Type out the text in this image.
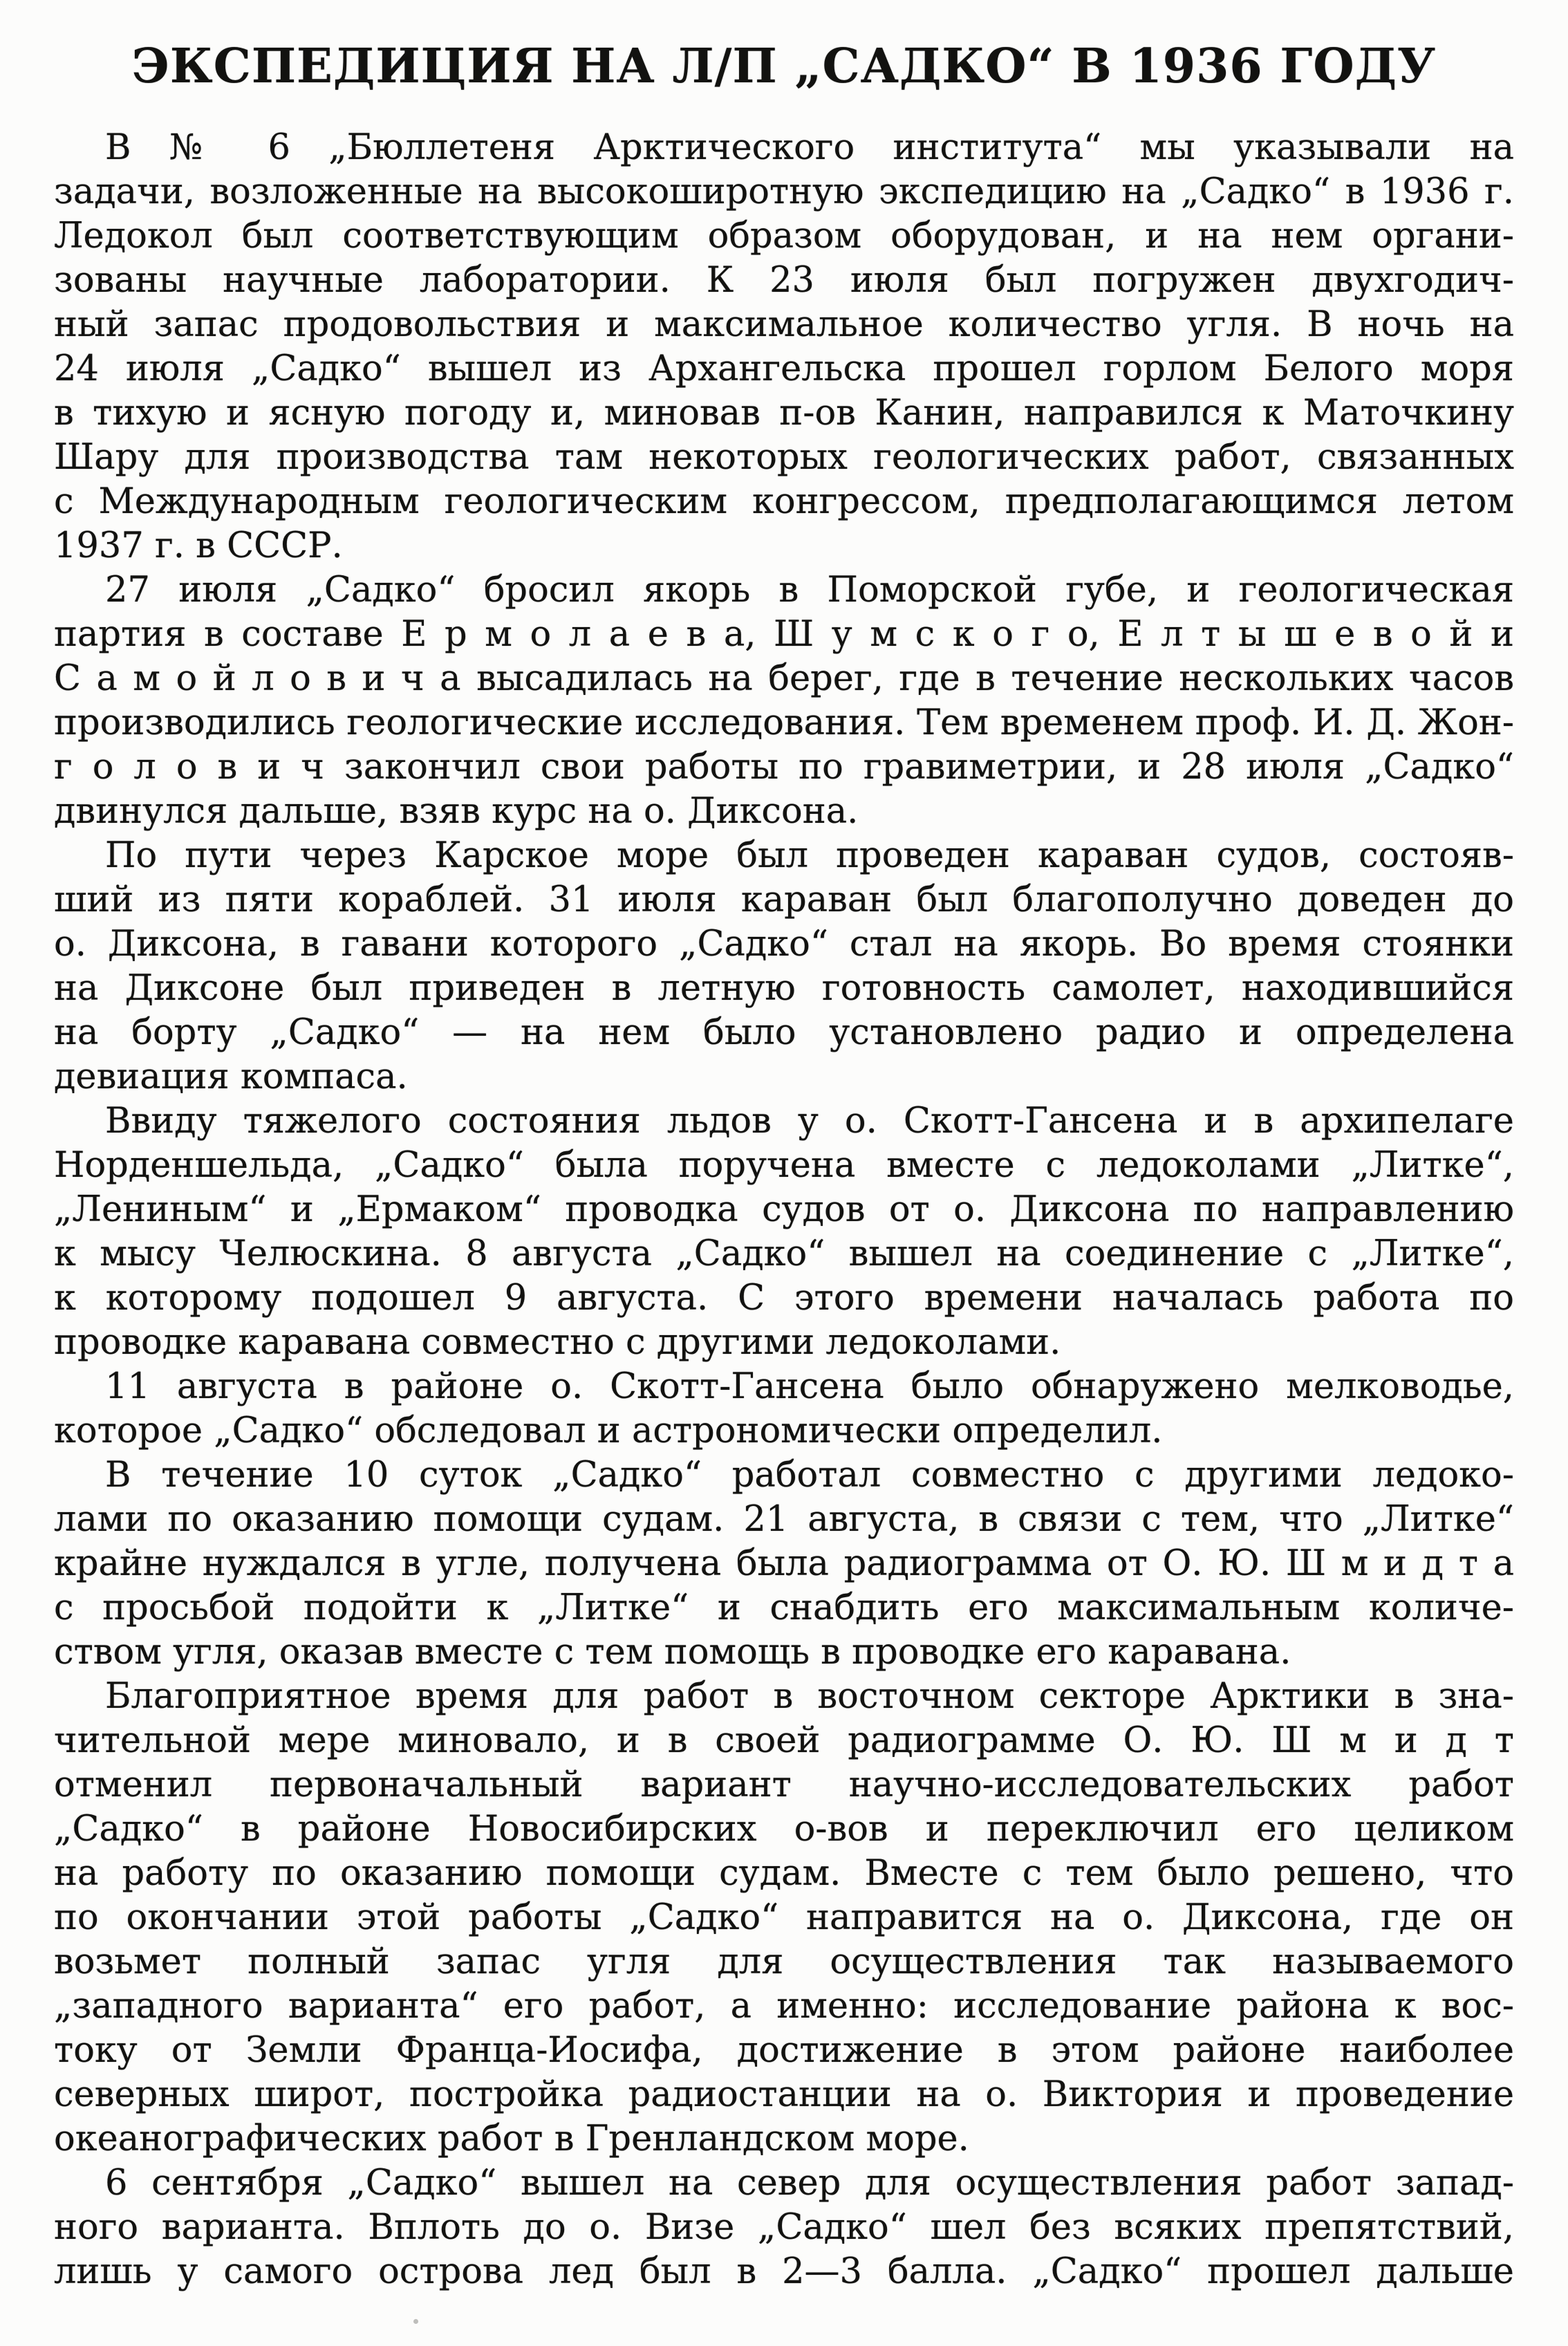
ЭКСПЕДИЦИЯ НА Л/П „САДКО“ В 1936 ГОДУ
В № 6 „Бюллетеня Арктического института“ мы указывали на
задачи, возложенные на высокоширотную экспедицию на „Садко“ в 1936 г.
Ледокол был соответствующим образом оборудован, и на нем органи-
зованы научные лаборатории. К 23 июля был погружен двухгодич-
ный запас продовольствия и максимальное количество угля. В ночь на
24 июля „Садко“ вышел из Архангельска прошел горлом Белого моря
в тихую и ясную погоду и, миновав п-ов Канин, направился к Маточкину
Шару для производства там некоторых геологических работ, связанных
с Международным геологическим конгрессом, предполагающимся летом
1937 г. в СССР.
27 июля „Садко“ бросил якорь в Поморской губе, и геологическая
партия в составе Е р м о л а е в а, Ш у м с к о г о, Е л т ы ш е в о й и
С а м о й л о в и ч а высадилась на берег, где в течение нескольких часов
производились геологические исследования. Тем временем проф. И. Д. Жон-
г о л о в и ч закончил свои работы по гравиметрии, и 28 июля „Садко“
двинулся дальше, взяв курс на о. Диксона.
По пути через Карское море был проведен караван судов, состояв-
ший из пяти кораблей. 31 июля караван был благополучно доведен до
о. Диксона, в гавани которого „Садко“ стал на якорь. Во время стоянки
на Диксоне был приведен в летную готовность самолет, находившийся
на борту „Садко“ — на нем было установлено радио и определена
девиация компаса.
Ввиду тяжелого состояния льдов у о. Скотт-Гансена и в архипелаге
Норденшельда, „Садко“ была поручена вместе с ледоколами „Литке“,
„Лениным“ и „Ермаком“ проводка судов от о. Диксона по направлению
к мысу Челюскина. 8 августа „Садко“ вышел на соединение с „Литке“,
к которому подошел 9 августа. С этого времени началась работа по
проводке каравана совместно с другими ледоколами.
11 августа в районе о. Скотт-Гансена было обнаружено мелководье,
которое „Садко“ обследовал и астрономически определил.
В течение 10 суток „Садко“ работал совместно с другими ледоко-
лами по оказанию помощи судам. 21 августа, в связи с тем, что „Литке“
крайне нуждался в угле, получена была радиограмма от О. Ю. Ш м и д т а
с просьбой подойти к „Литке“ и снабдить его максимальным количе-
ством угля, оказав вместе с тем помощь в проводке его каравана.
Благоприятное время для работ в восточном секторе Арктики в зна-
чительной мере миновало, и в своей радиограмме О. Ю. Ш м и д т
отменил первоначальный вариант научно-исследовательских работ
„Садко“ в районе Новосибирских о-вов и переключил его целиком
на работу по оказанию помощи судам. Вместе с тем было решено, что
по окончании этой работы „Садко“ направится на о. Диксона, где он
возьмет полный запас угля для осуществления так называемого
„западного варианта“ его работ, а именно: исследование района к вос-
току от Земли Франца-Иосифа, достижение в этом районе наиболее
северных широт, постройка радиостанции на о. Виктория и проведение
океанографических работ в Гренландском море.
6 сентября „Садко“ вышел на север для осуществления работ запад-
ного варианта. Вплоть до о. Визе „Садко“ шел без всяких препятствий,
лишь у самого острова лед был в 2—3 балла. „Садко“ прошел дальше
